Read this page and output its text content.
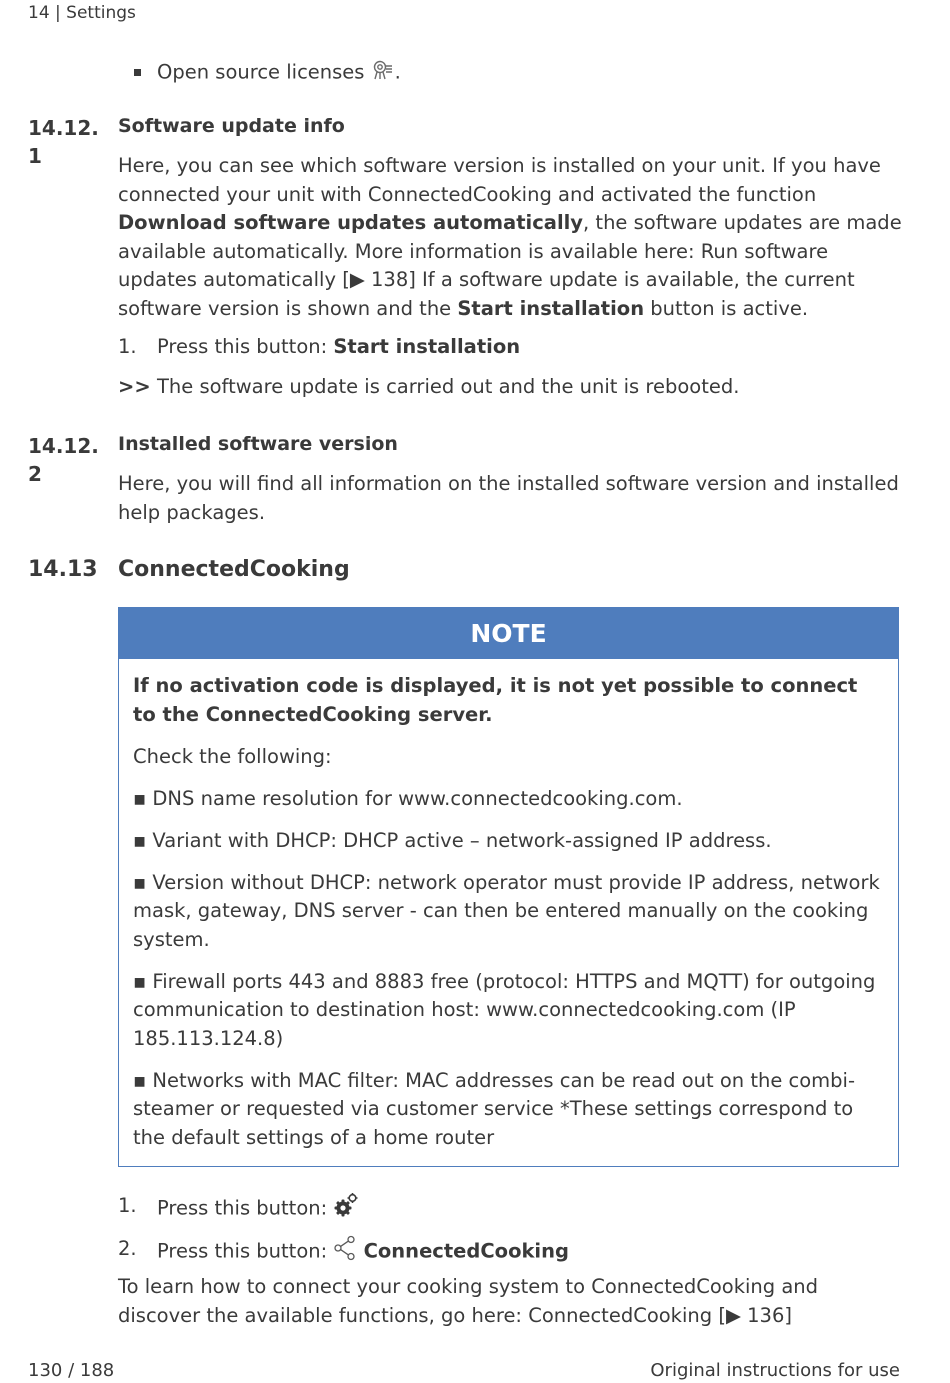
14 | Settings
Open source licenses .
14.12.
1
Software update info
Here, you can see which software version is installed on your unit. If you have connected your unit with ConnectedCooking and activated the function Download software updates automatically, the software updates are made available automatically. More information is available here: Run software updates automatically [▶ 138] If a software update is available, the current software version is shown and the Start installation button is active.
1. Press this button: Start installation
>> The software update is carried out and the unit is rebooted.
14.12.
2
Installed software version
Here, you will find all information on the installed software version and installed help packages.
14.13 ConnectedCooking
NOTE

If no activation code is displayed, it is not yet possible to connect to the ConnectedCooking server.

Check the following:

▪ DNS name resolution for www.connectedcooking.com.

▪ Variant with DHCP: DHCP active – network-assigned IP address.

▪ Version without DHCP: network operator must provide IP address, network mask, gateway, DNS server - can then be entered manually on the cooking system.

▪ Firewall ports 443 and 8883 free (protocol: HTTPS and MQTT) for outgoing communication to destination host: www.connectedcooking.com (IP 185.113.124.8)

▪ Networks with MAC filter: MAC addresses can be read out on the combi-steamer or requested via customer service *These settings correspond to the default settings of a home router

1. Press this button:
2. Press this button: ConnectedCooking
To learn how to connect your cooking system to ConnectedCooking and discover the available functions, go here: ConnectedCooking [▶ 136]
130 / 188	Original instructions for use
